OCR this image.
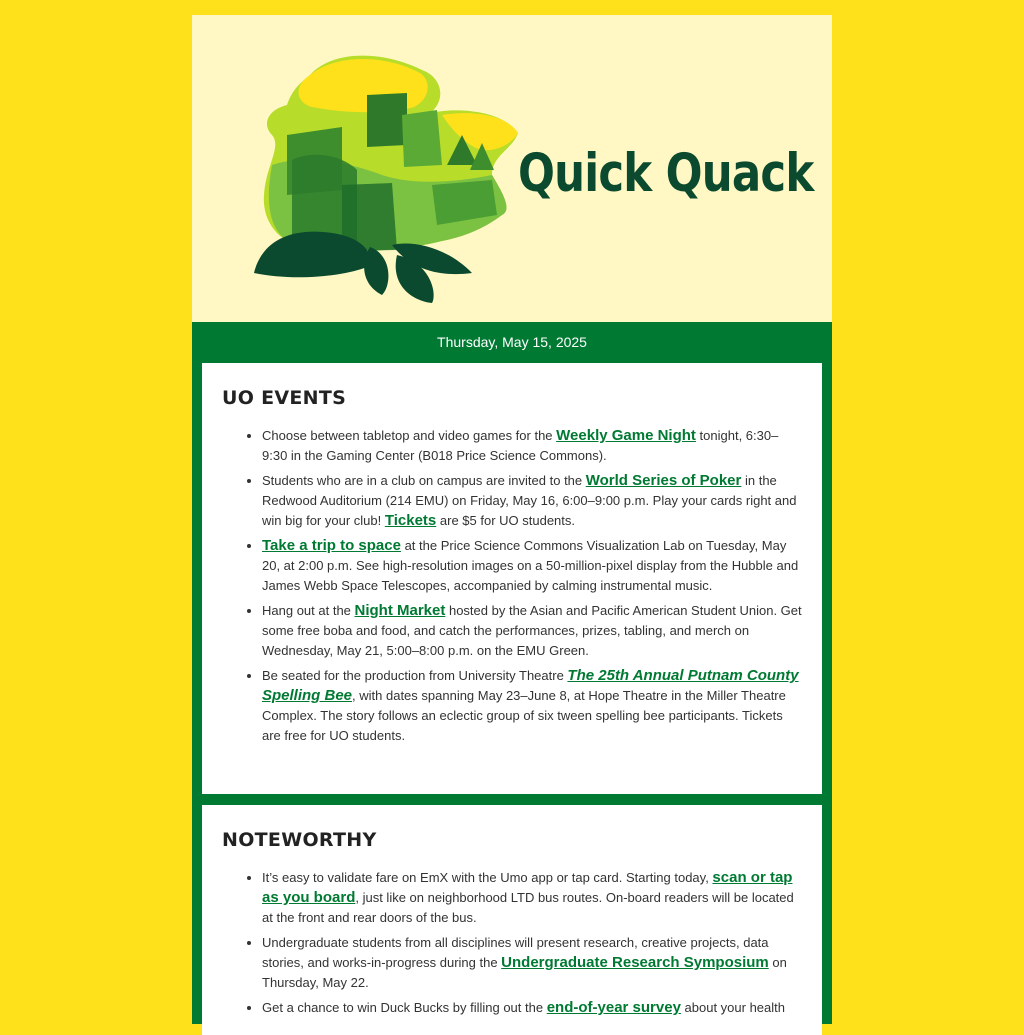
Quick Quack
Thursday, May 15, 2025
UO EVENTS
• Choose between tabletop and video games for the Weekly Game Night tonight, 6:30–9:30 in the Gaming Center (B018 Price Science Commons).
• Students who are in a club on campus are invited to the World Series of Poker in the Redwood Auditorium (214 EMU) on Friday, May 16, 6:00–9:00 p.m. Play your cards right and win big for your club! Tickets are $5 for UO students.
• Take a trip to space at the Price Science Commons Visualization Lab on Tuesday, May 20, at 2:00 p.m. See high-resolution images on a 50-million-pixel display from the Hubble and James Webb Space Telescopes, accompanied by calming instrumental music.
• Hang out at the Night Market hosted by the Asian and Pacific American Student Union. Get some free boba and food, and catch the performances, prizes, tabling, and merch on Wednesday, May 21, 5:00–8:00 p.m. on the EMU Green.
• Be seated for the production from University Theatre The 25th Annual Putnam County Spelling Bee, with dates spanning May 23–June 8, at Hope Theatre in the Miller Theatre Complex. The story follows an eclectic group of six tween spelling bee participants. Tickets are free for UO students.
NOTEWORTHY
• It’s easy to validate fare on EmX with the Umo app or tap card. Starting today, scan or tap as you board, just like on neighborhood LTD bus routes. On-board readers will be located at the front and rear doors of the bus.
• Undergraduate students from all disciplines will present research, creative projects, data stories, and works-in-progress during the Undergraduate Research Symposium on Thursday, May 22.
• Get a chance to win Duck Bucks by filling out the end-of-year survey about your health
